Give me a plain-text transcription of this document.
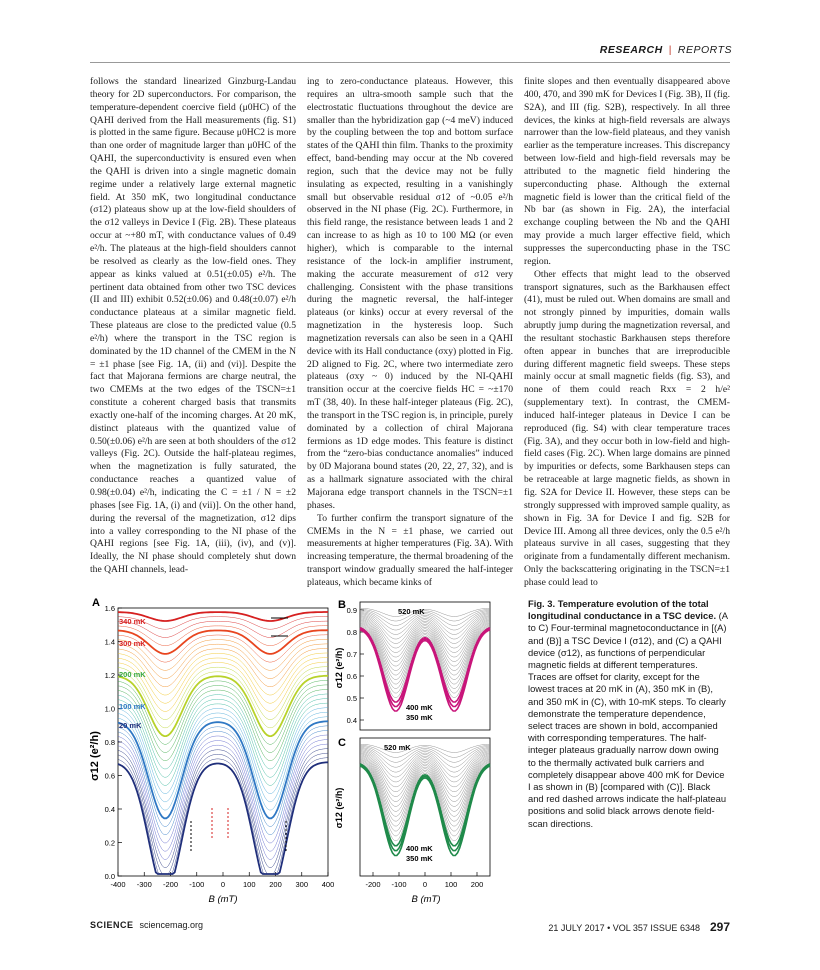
RESEARCH | REPORTS

follows the standard linearized Ginzburg-Landau theory for 2D superconductors. For comparison, the temperature-dependent coercive field (μ0HC) of the QAHI derived from the Hall measurements (fig. S1) is plotted in the same figure. Because μ0HC2 is more than one order of magnitude larger than μ0HC of the QAHI, the superconductivity is ensured even when the QAHI is driven into a single magnetic domain regime under a relatively large external magnetic field. At 350 mK, two longitudinal conductance (σ12) plateaus show up at the low-field shoulders of the σ12 valleys in Device I (Fig. 2B). These plateaus occur at ~+80 mT, with conductance values of 0.49 e²/h. The plateaus at the high-field shoulders cannot be resolved as clearly as the low-field ones. They appear as kinks valued at 0.51(±0.05) e²/h. The pertinent data obtained from other two TSC devices (II and III) exhibit 0.52(±0.06) and 0.48(±0.07) e²/h conductance plateaus at a similar magnetic field. These plateaus are close to the predicted value (0.5 e²/h) where the transport in the TSC region is dominated by the 1D channel of the CMEM in the N = ±1 phase [see Fig. 1A, (ii) and (vi)]. Despite the fact that Majorana fermions are charge neutral, the two CMEMs at the two edges of the TSCN=±1 constitute a coherent charged basis that transmits exactly one-half of the incoming charges. At 20 mK, distinct plateaus with the quantized value of 0.50(±0.06) e²/h are seen at both shoulders of the σ12 valleys (Fig. 2C). Outside the half-plateau regimes, when the magnetization is fully saturated, the conductance reaches a quantized value of 0.98(±0.04) e²/h, indicating the C = ±1 / N = ±2 phases [see Fig. 1A, (i) and (vii)]. On the other hand, during the reversal of the magnetization, σ12 dips into a valley corresponding to the NI phase of the QAHI regions [see Fig. 1A, (iii), (iv), and (v)]. Ideally, the NI phase should completely shut down the QAHI channels, lead-

ing to zero-conductance plateaus. However, this requires an ultra-smooth sample such that the electrostatic fluctuations throughout the device are smaller than the hybridization gap (~4 meV) induced by the coupling between the top and bottom surface states of the QAHI thin film. Thanks to the proximity effect, band-bending may occur at the Nb covered region, such that the device may not be fully insulating as expected, resulting in a vanishingly small but observable residual σ12 of ~0.05 e²/h observed in the NI phase (Fig. 2C). Furthermore, in this field range, the resistance between leads 1 and 2 can increase to as high as 10 to 100 MΩ (or even higher), which is comparable to the internal resistance of the lock-in amplifier instrument, making the accurate measurement of σ12 very challenging. Consistent with the phase transitions during the magnetic reversal, the half-integer plateaus (or kinks) occur at every reversal of the magnetization in the hysteresis loop. Such magnetization reversals can also be seen in a QAHI device with its Hall conductance (σxy) plotted in Fig. 2D aligned to Fig. 2C, where two intermediate zero plateaus (σxy ~ 0) induced by the NI-QAHI transition occur at the coercive fields HC = ~±170 mT (38, 40). In these half-integer plateaus (Fig. 2C), the transport in the TSC region is, in principle, purely dominated by a collection of chiral Majorana fermions as 1D edge modes. This feature is distinct from the “zero-bias conductance anomalies” induced by 0D Majorana bound states (20, 22, 27, 32), and is as a hallmark signature associated with the chiral Majorana edge transport channels in the TSCN=±1 phases.

To further confirm the transport signature of the CMEMs in the N = ±1 phase, we carried out measurements at higher temperatures (Fig. 3A). With increasing temperature, the thermal broadening of the transport window gradually smeared the half-integer plateaus, which became kinks of

finite slopes and then eventually disappeared above 400, 470, and 390 mK for Devices I (Fig. 3B), II (fig. S2A), and III (fig. S2B), respectively. In all three devices, the kinks at high-field reversals are always narrower than the low-field plateaus, and they vanish earlier as the temperature increases. This discrepancy between low-field and high-field reversals may be attributed to the magnetic field hindering the superconducting phase. Although the external magnetic field is lower than the critical field of the Nb bar (as shown in Fig. 2A), the interfacial exchange coupling between the Nb and the QAHI may provide a much larger effective field, which suppresses the superconducting phase in the TSC region.

Other effects that might lead to the observed transport signatures, such as the Barkhausen effect (41), must be ruled out. When domains are small and not strongly pinned by impurities, domain walls abruptly jump during the magnetization reversal, and the resultant stochastic Barkhausen steps therefore often appear in bunches that are irreproducible during different magnetic field sweeps. These steps mainly occur at small magnetic fields (fig. S3), and none of them could reach Rxx = 2 h/e² (supplementary text). In contrast, the CMEM-induced half-integer plateaus in Device I can be reproduced (fig. S4) with clear temperature traces (Fig. 3A), and they occur both in low-field and high-field cases (Fig. 2C). When large domains are pinned by impurities or defects, some Barkhausen steps can be retraceable at large magnetic fields, as shown in fig. S2A for Device II. However, these steps can be strongly suppressed with improved sample quality, as shown in Fig. 3A for Device I and fig. S2B for Device III. Among all three devices, only the 0.5 e²/h plateaus survive in all cases, suggesting that they originate from a fundamentally different mechanism. Only the backscattering originating in the TSCN=±1 phase could lead to

A 1.6
1.4
1.2
1.0
0.8
0.6
0.4
0.2
0.0
-400 -300 -200 -100 0 100 200 300 400
σ12 (e²/h)
B (mT)
340 mK
300 mK
200 mK
100 mK
20 mK
B 0.9
0.8
0.7
0.6
0.5
0.4
σ12 (e²/h)
520 mK
400 mK
350 mK
C
-200 -100 0 100 200
σ12 (e²/h)
B (mT)
520 mK
400 mK
350 mK
Fig. 3. Temperature evolution of the total longitudinal conductance in a TSC device. (A to C) Four-terminal magnetoconductance in [(A) and (B)] a TSC Device I (σ12), and (C) a QAHI device (σ12), as functions of perpendicular magnetic fields at different temperatures. Traces are offset for clarity, except for the lowest traces at 20 mK in (A), 350 mK in (B), and 350 mK in (C), with 10-mK steps. To clearly demonstrate the temperature dependence, select traces are shown in bold, accompanied with corresponding temperatures. The half-integer plateaus gradually narrow down owing to the thermally activated bulk carriers and completely disappear above 400 mK for Device I as shown in (B) [compared with (C)]. Black and red dashed arrows indicate the half-plateau positions and solid black arrows denote field-scan directions.
SCIENCE sciencemag.org	21 JULY 2017 • VOL 357 ISSUE 6348 297
